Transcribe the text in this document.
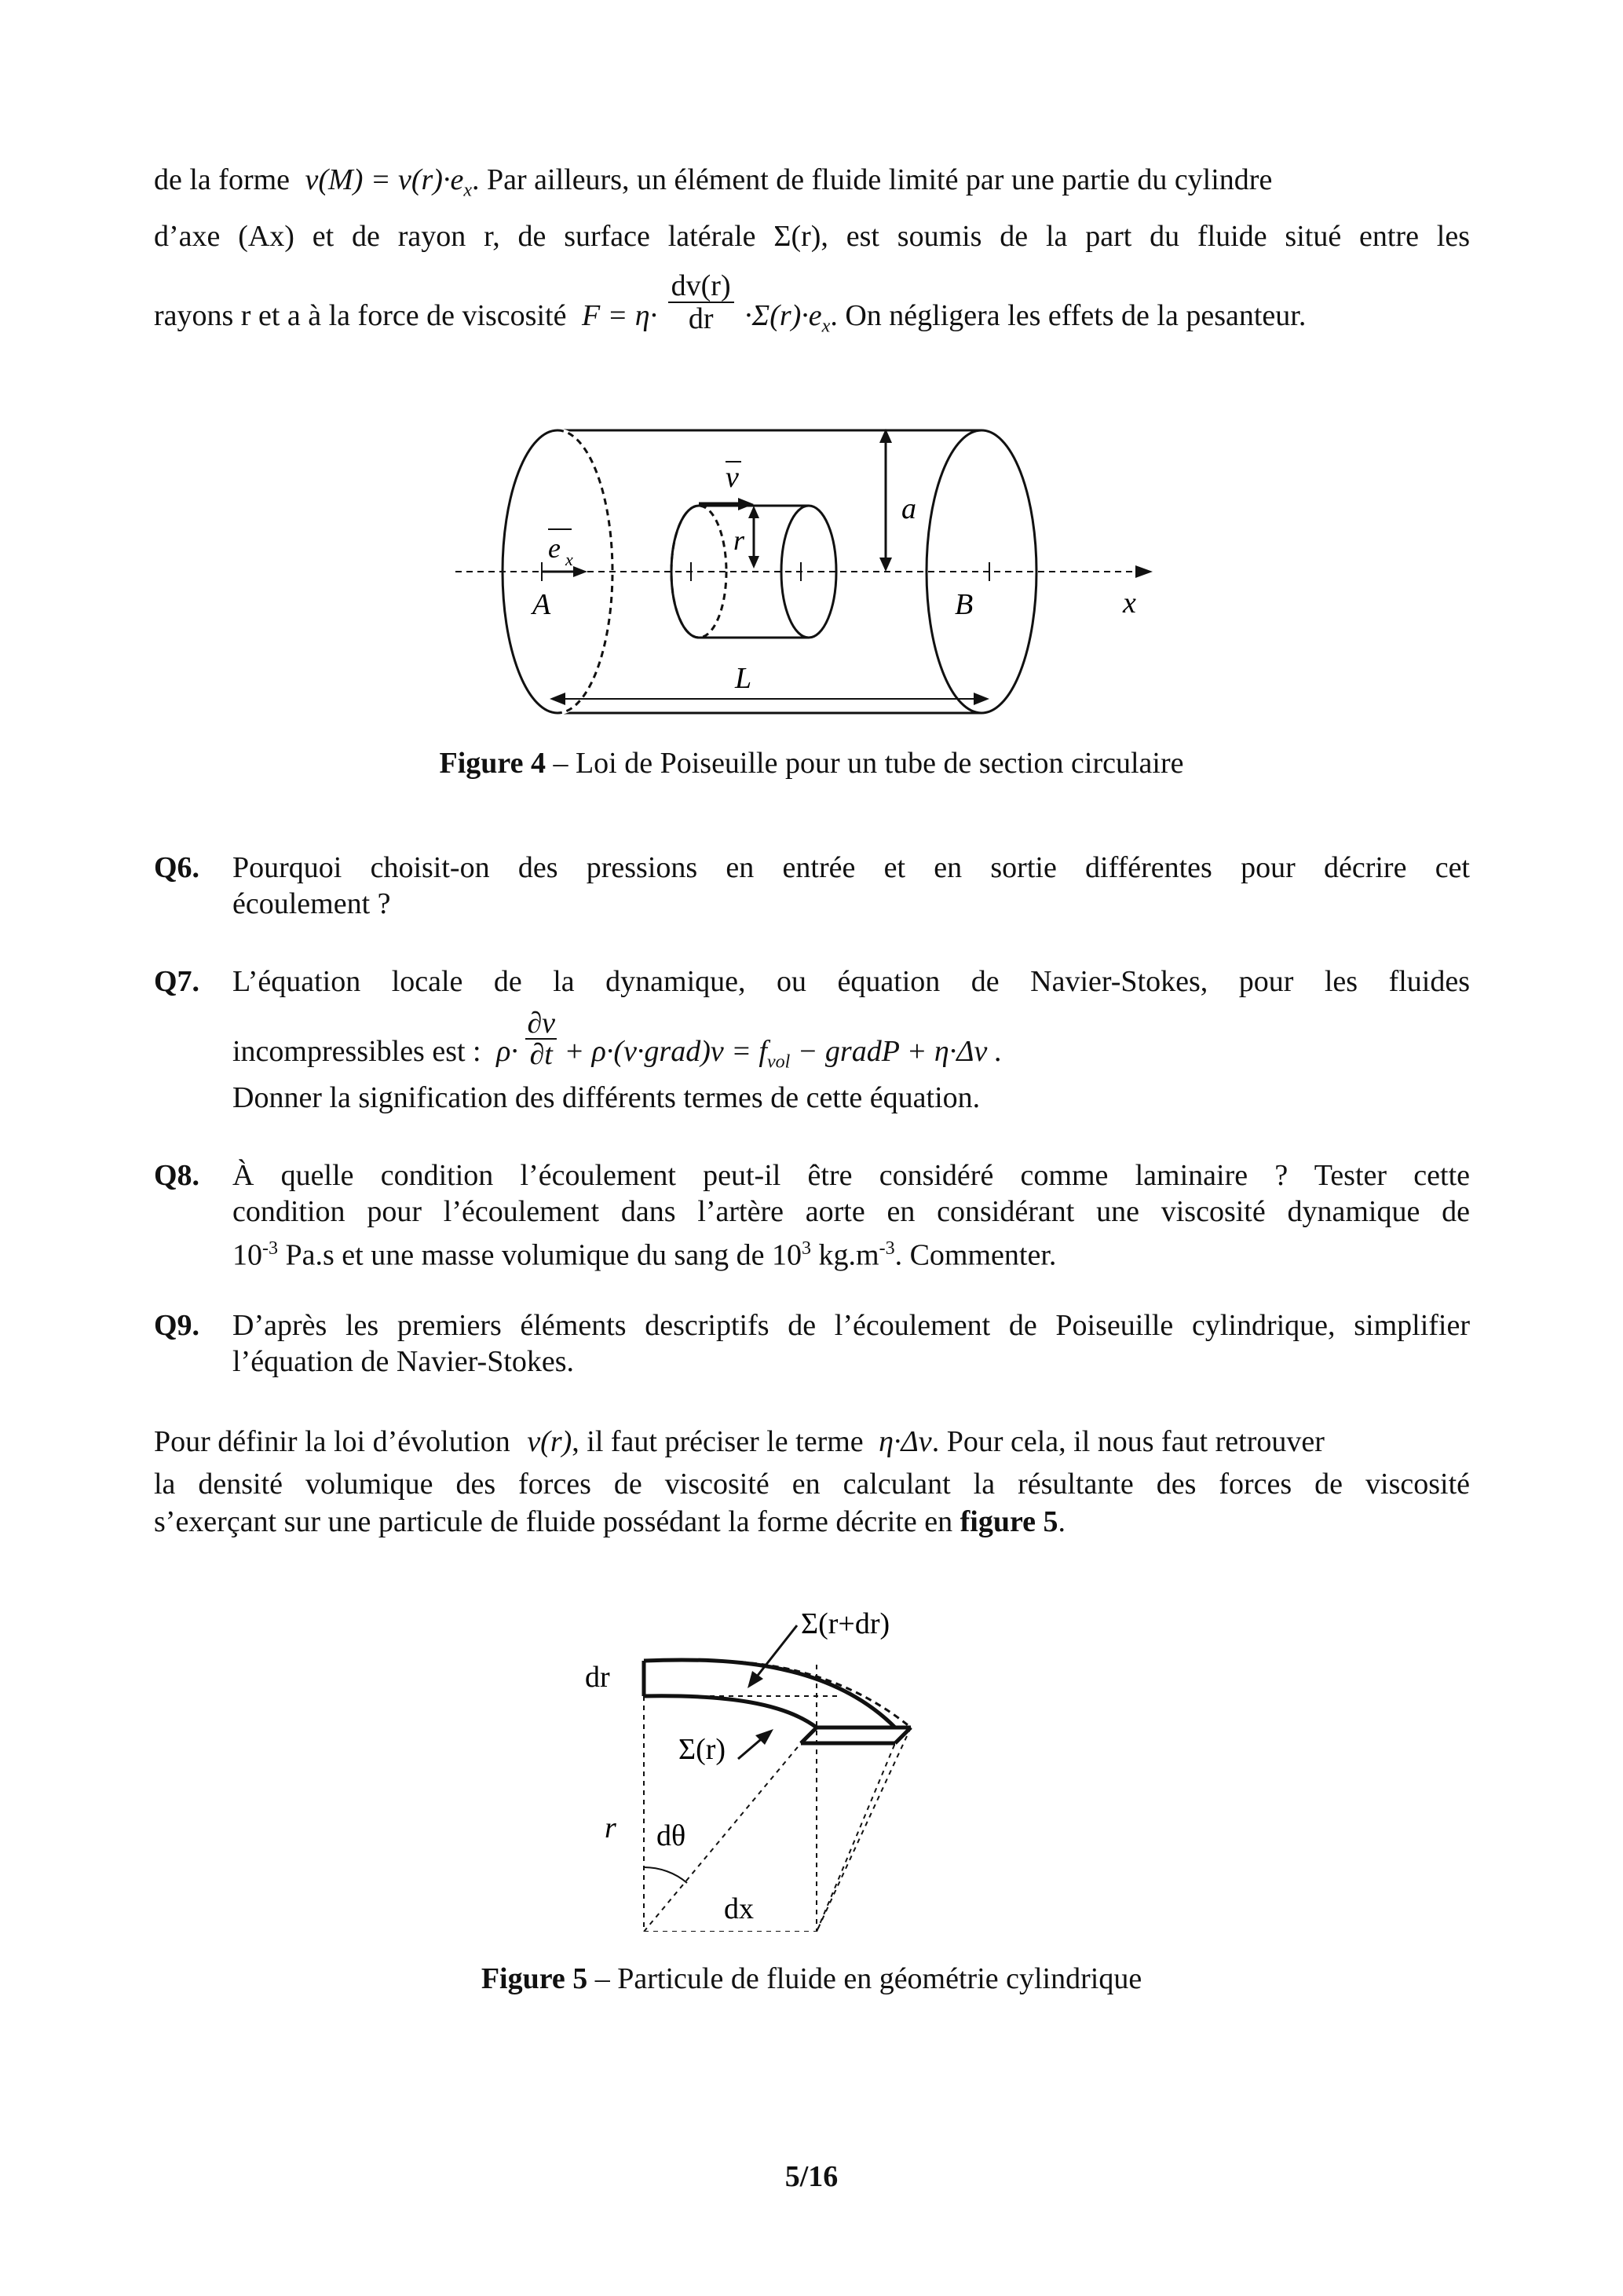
de la forme $v(M) = v(r)\cdot e_x$. Par ailleurs, un élément de fluide limité par une partie du cylindre
d’axe (Ax) et de rayon r, de surface latérale Σ(r), est soumis de la part du fluide situé entre les
rayons r et a à la force de viscosité $F = \eta\cdot \frac{dv(r)}{dr} \cdot\Sigma(r)\cdot e_x$. On négligera les effets de la pesanteur.
e x
v
r
a
A	B	x
L
Figure 4 – Loi de Poiseuille pour un tube de section circulaire
Q6. Pourquoi choisit-on des pressions en entrée et en sortie différentes pour décrire cet
écoulement ?
Q7. L’équation locale de la dynamique, ou équation de Navier-Stokes, pour les fluides
incompressibles est : $\rho\cdot \frac{\partial v}{\partial t}$ + ρ·(v·grad)v = $f_{vol}$ − gradP + η·Δv .
Donner la signification des différents termes de cette équation.
Q8. À quelle condition l’écoulement peut-il être considéré comme laminaire ? Tester cette
condition pour l’écoulement dans l’artère aorte en considérant une viscosité dynamique de
$10^{-3}$ Pa.s et une masse volumique du sang de $10^3$ $kg.m^{-3}$. Commenter.
Q9. D’après les premiers éléments descriptifs de l’écoulement de Poiseuille cylindrique, simplifier
l’équation de Navier-Stokes.
Pour définir la loi d’évolution v(r), il faut préciser le terme η·Δv. Pour cela, il nous faut retrouver
la densité volumique des forces de viscosité en calculant la résultante des forces de viscosité
s’exerçant sur une particule de fluide possédant la forme décrite en figure 5.
Σ(r+dr)
dr
Σ(r)
r dθ
dx
Figure 5 – Particule de fluide en géométrie cylindrique
5/16
